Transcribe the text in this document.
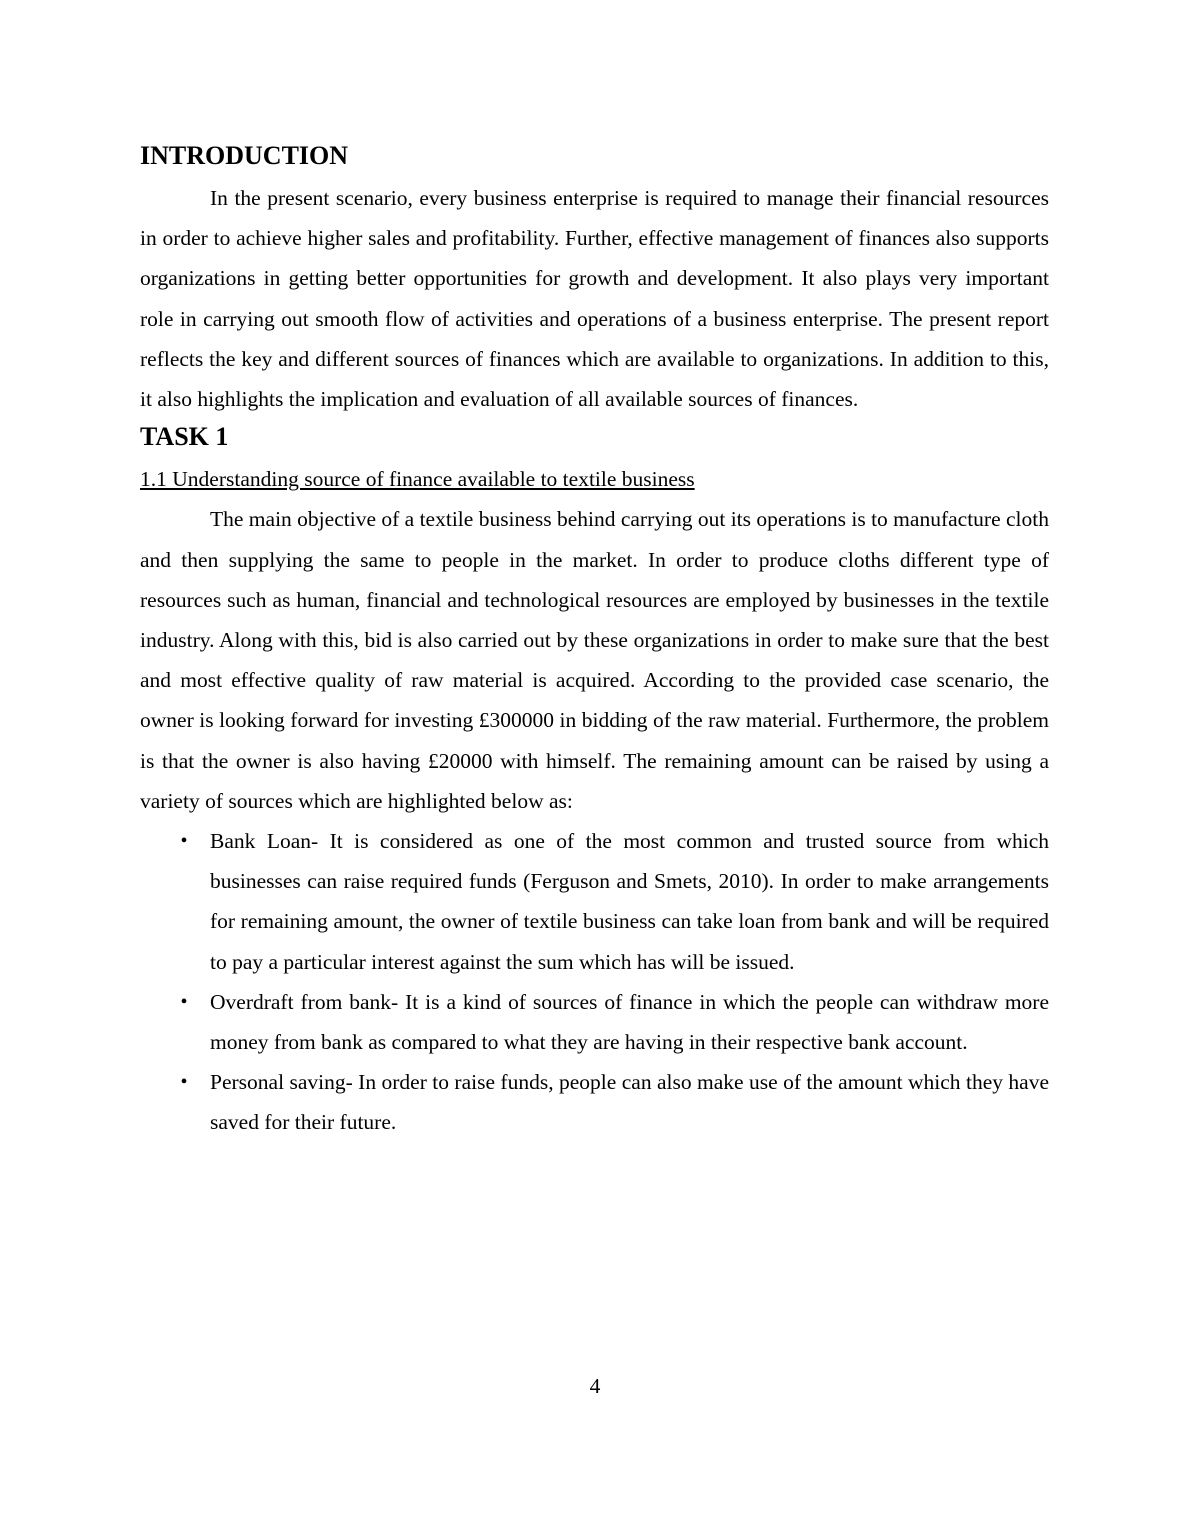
INTRODUCTION

In the present scenario, every business enterprise is required to manage their financial resources in order to achieve higher sales and profitability. Further, effective management of finances also supports organizations in getting better opportunities for growth and development. It also plays very important role in carrying out smooth flow of activities and operations of a business enterprise. The present report reflects the key and different sources of finances which are available to organizations. In addition to this, it also highlights the implication and evaluation of all available sources of finances.

TASK 1

1.1 Understanding source of finance available to textile business

The main objective of a textile business behind carrying out its operations is to manufacture cloth and then supplying the same to people in the market. In order to produce cloths different type of resources such as human, financial and technological resources are employed by businesses in the textile industry. Along with this, bid is also carried out by these organizations in order to make sure that the best and most effective quality of raw material is acquired. According to the provided case scenario, the owner is looking forward for investing £300000 in bidding of the raw material. Furthermore, the problem is that the owner is also having £20000 with himself. The remaining amount can be raised by using a variety of sources which are highlighted below as:

•	Bank Loan- It is considered as one of the most common and trusted source from which businesses can raise required funds (Ferguson and Smets, 2010). In order to make arrangements for remaining amount, the owner of textile business can take loan from bank and will be required to pay a particular interest against the sum which has will be issued.
•	Overdraft from bank- It is a kind of sources of finance in which the people can withdraw more money from bank as compared to what they are having in their respective bank account.
•	Personal saving- In order to raise funds, people can also make use of the amount which they have saved for their future.
4
